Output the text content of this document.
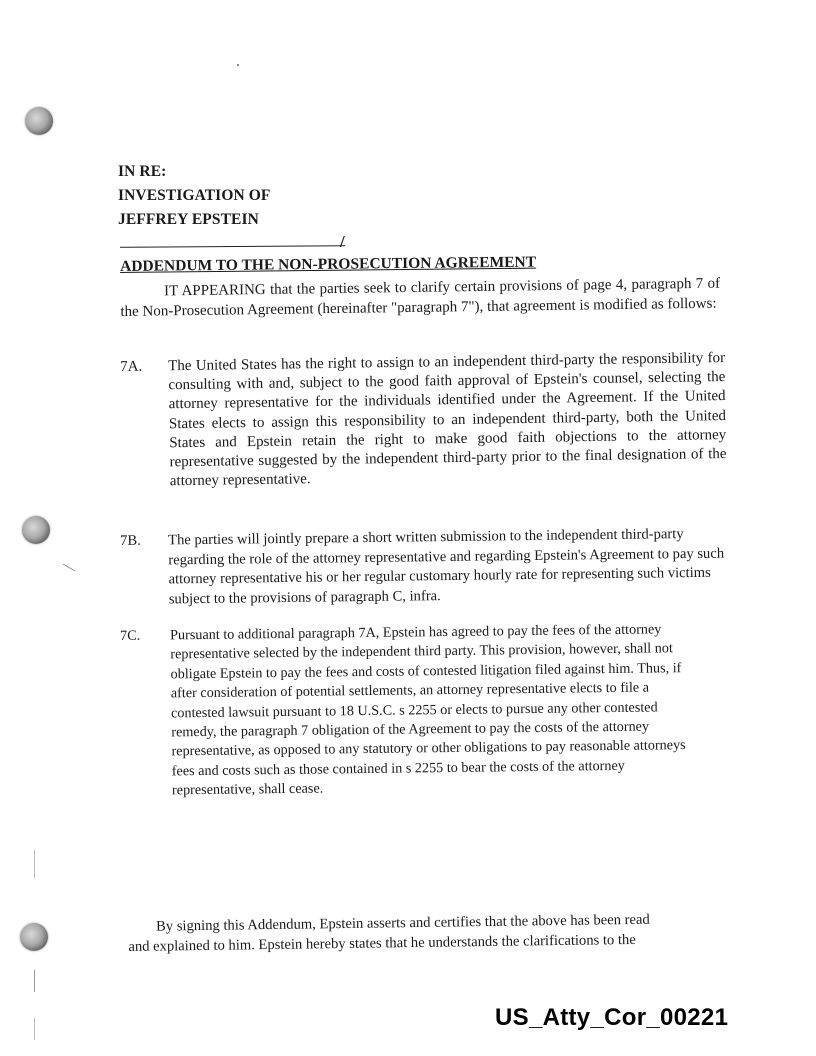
IN RE:
INVESTIGATION OF
JEFFREY EPSTEIN
/
ADDENDUM TO THE NON-PROSECUTION AGREEMENT
IT APPEARING that the parties seek to clarify certain provisions of page 4, paragraph 7 of the Non-Prosecution Agreement (hereinafter "paragraph 7"), that agreement is modified as follows:
7A.	The United States has the right to assign to an independent third-party the responsibility for consulting with and, subject to the good faith approval of Epstein's counsel, selecting the attorney representative for the individuals identified under the Agreement. If the United States elects to assign this responsibility to an independent third-party, both the United States and Epstein retain the right to make good faith objections to the attorney representative suggested by the independent third-party prior to the final designation of the attorney representative.
7B.	The parties will jointly prepare a short written submission to the independent third-party regarding the role of the attorney representative and regarding Epstein's Agreement to pay such attorney representative his or her regular customary hourly rate for representing such victims subject to the provisions of paragraph C, infra.
7C.	Pursuant to additional paragraph 7A, Epstein has agreed to pay the fees of the attorney representative selected by the independent third party. This provision, however, shall not obligate Epstein to pay the fees and costs of contested litigation filed against him. Thus, if after consideration of potential settlements, an attorney representative elects to file a contested lawsuit pursuant to 18 U.S.C. s 2255 or elects to pursue any other contested remedy, the paragraph 7 obligation of the Agreement to pay the costs of the attorney representative, as opposed to any statutory or other obligations to pay reasonable attorneys fees and costs such as those contained in s 2255 to bear the costs of the attorney representative, shall cease.
By signing this Addendum, Epstein asserts and certifies that the above has been read
and explained to him. Epstein hereby states that he understands the clarifications to the
US_Atty_Cor_00221
